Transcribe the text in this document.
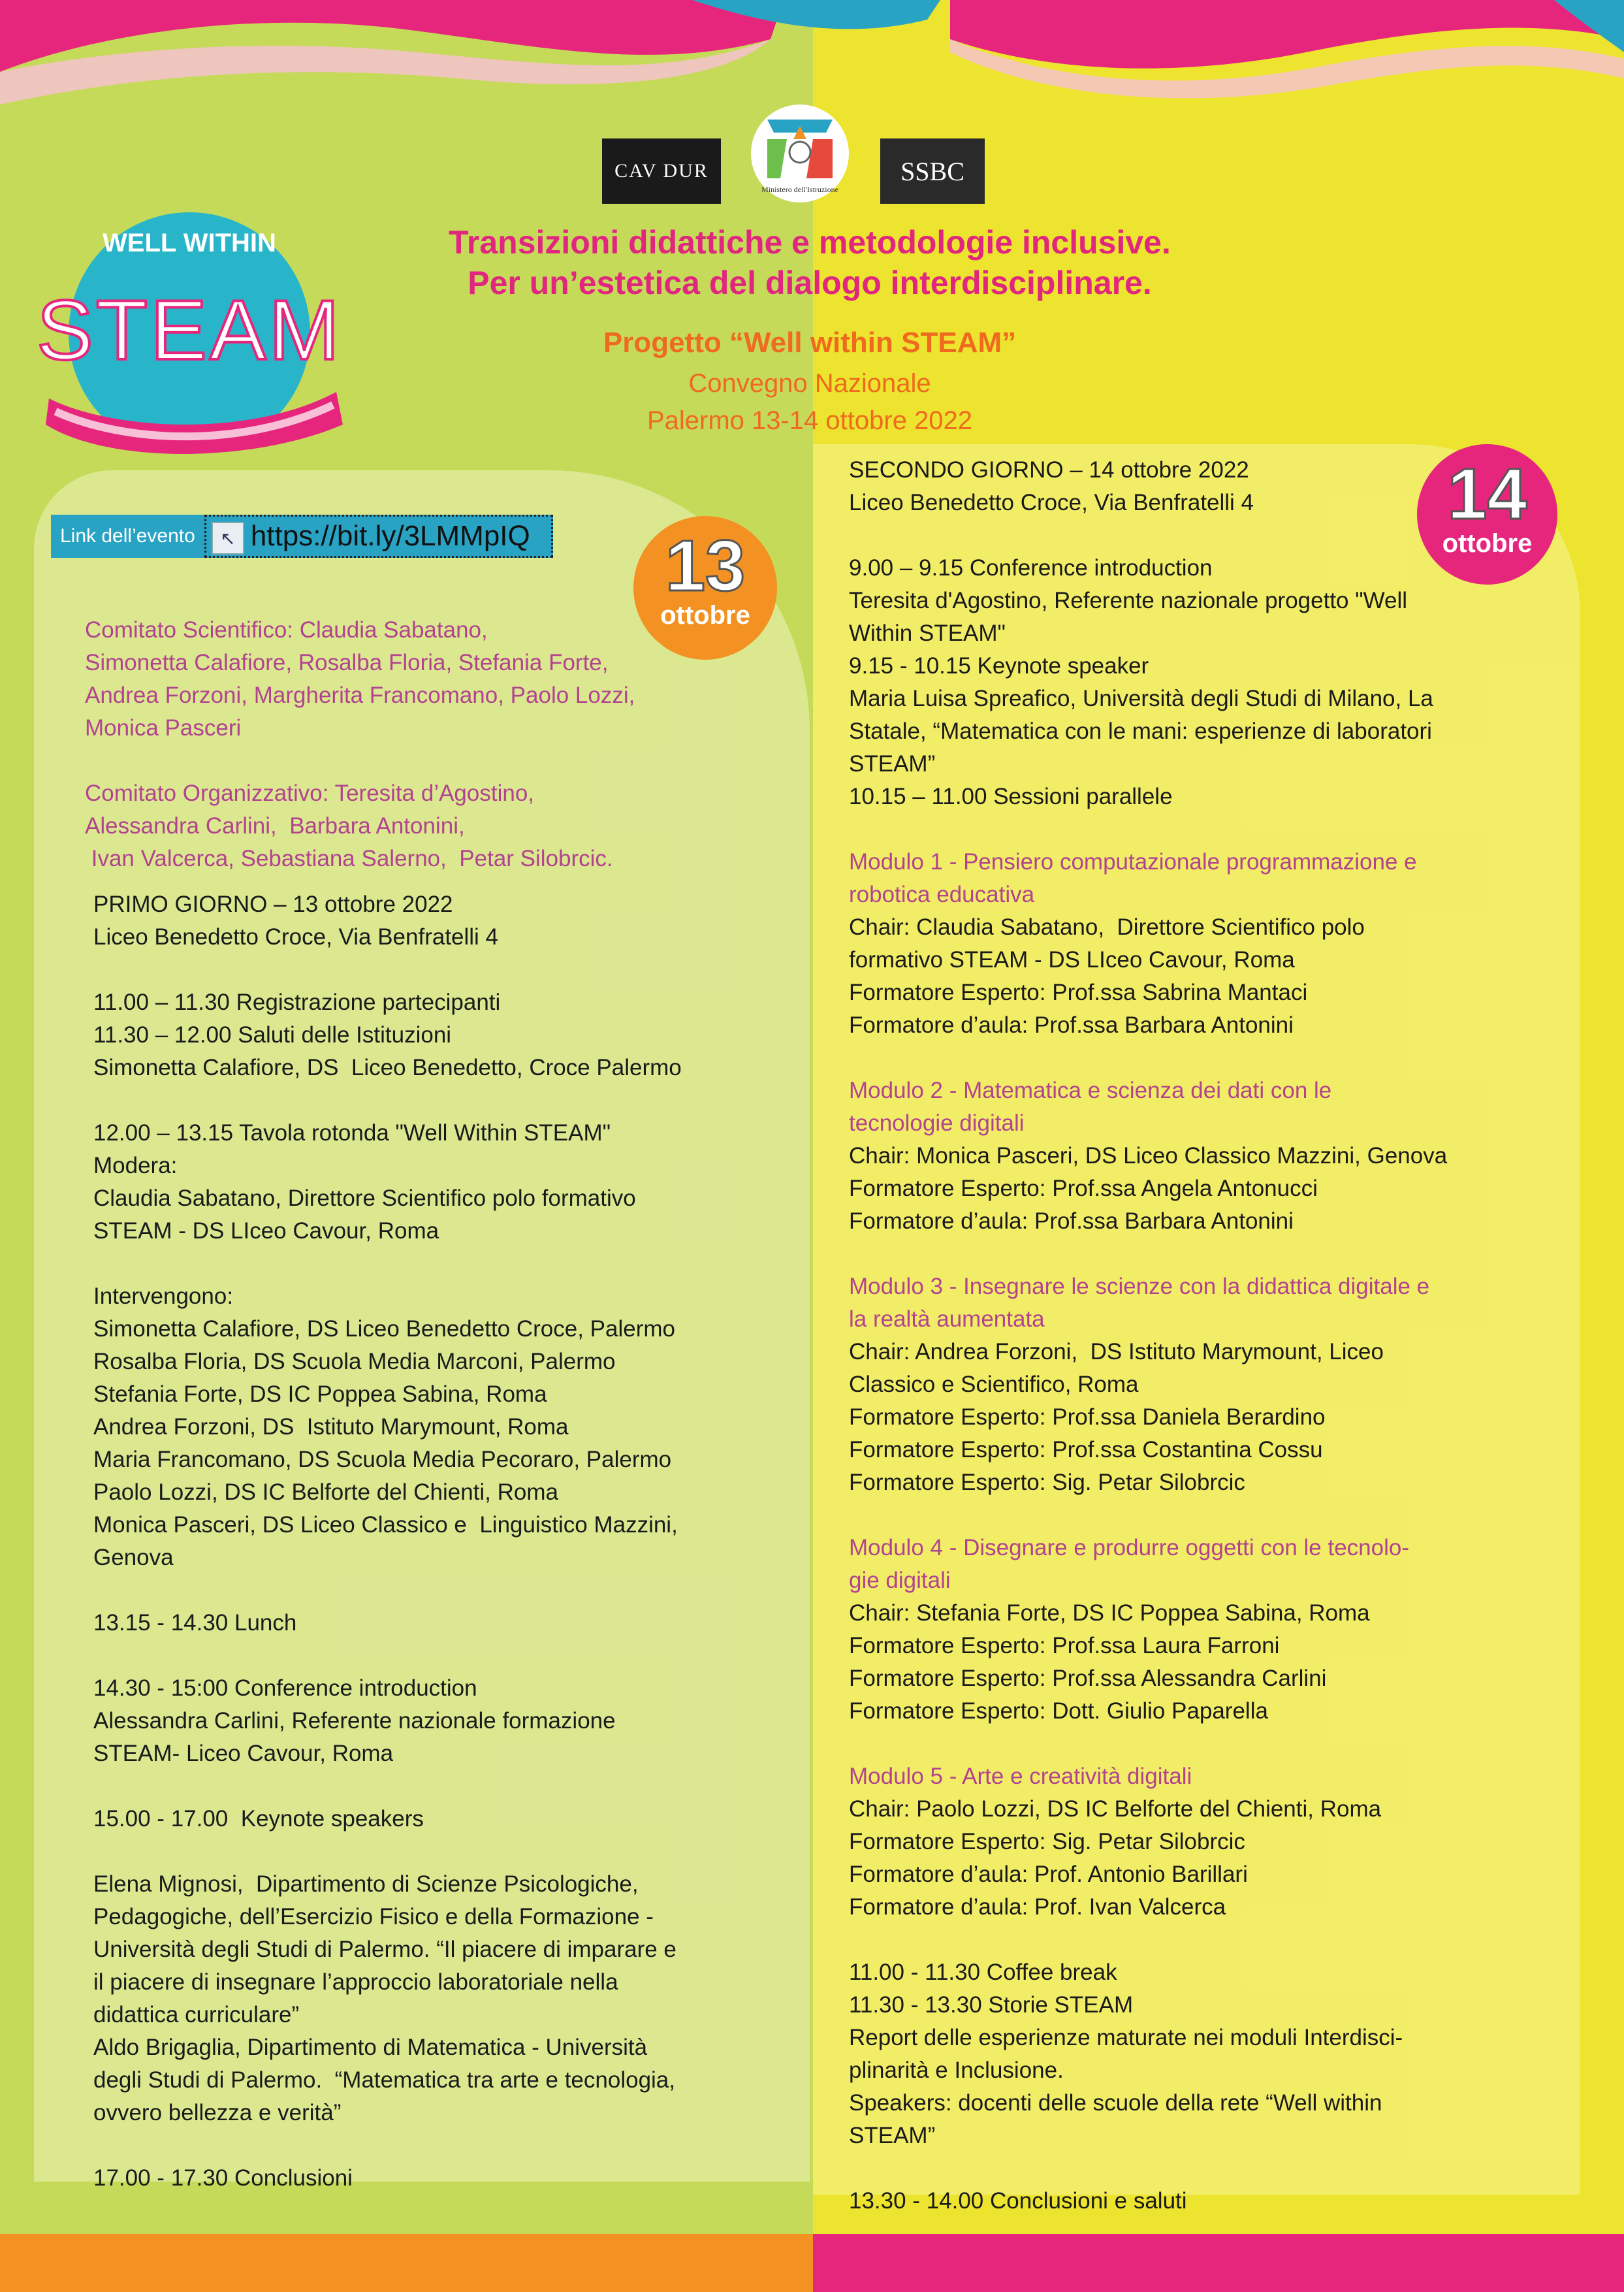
CAV DUR
Ministero dell'Istruzione
SSBC
WELL WITHIN
STEAM
Transizioni didattiche e metodologie inclusive.
Per un’estetica del dialogo interdisciplinare.
Progetto “Well within STEAM”
Convegno Nazionale
Palermo 13-14 ottobre 2022
Link dell’evento	↖ https://bit.ly/3LMMpIQ	13
ottobre
14
ottobre

Comitato Scientifico: Claudia Sabatano,
Simonetta Calafiore, Rosalba Floria, Stefania Forte,
Andrea Forzoni, Margherita Francomano, Paolo Lozzi,
Monica Pasceri

Comitato Organizzativo: Teresita d’Agostino,
Alessandra Carlini,  Barbara Antonini,
Ivan Valcerca, Sebastiana Salerno,  Petar Silobrcic.

PRIMO GIORNO – 13 ottobre 2022
Liceo Benedetto Croce, Via Benfratelli 4

11.00 – 11.30 Registrazione partecipanti
11.30 – 12.00 Saluti delle Istituzioni
Simonetta Calafiore, DS  Liceo Benedetto, Croce Palermo

12.00 – 13.15 Tavola rotonda "Well Within STEAM"
Modera:
Claudia Sabatano, Direttore Scientifico polo formativo
STEAM - DS LIceo Cavour, Roma

Intervengono:
Simonetta Calafiore, DS Liceo Benedetto Croce, Palermo
Rosalba Floria, DS Scuola Media Marconi, Palermo
Stefania Forte, DS IC Poppea Sabina, Roma
Andrea Forzoni, DS  Istituto Marymount, Roma
Maria Francomano, DS Scuola Media Pecoraro, Palermo
Paolo Lozzi, DS IC Belforte del Chienti, Roma
Monica Pasceri, DS Liceo Classico e  Linguistico Mazzini,
Genova

13.15 - 14.30 Lunch

14.30 - 15:00 Conference introduction
Alessandra Carlini, Referente nazionale formazione
STEAM- Liceo Cavour, Roma

15.00 - 17.00  Keynote speakers

Elena Mignosi,  Dipartimento di Scienze Psicologiche,
Pedagogiche, dell’Esercizio Fisico e della Formazione -
Università degli Studi di Palermo. “Il piacere di imparare e
il piacere di insegnare l’approccio laboratoriale nella
didattica curriculare”
Aldo Brigaglia, Dipartimento di Matematica - Università
degli Studi di Palermo.  “Matematica tra arte e tecnologia,
ovvero bellezza e verità”

17.00 - 17.30 Conclusioni

SECONDO GIORNO – 14 ottobre 2022
Liceo Benedetto Croce, Via Benfratelli 4

9.00 – 9.15 Conference introduction
Teresita d'Agostino, Referente nazionale progetto "Well
Within STEAM"
9.15 - 10.15 Keynote speaker
Maria Luisa Spreafico, Università degli Studi di Milano, La
Statale, “Matematica con le mani: esperienze di laboratori
STEAM”
10.15 – 11.00 Sessioni parallele

Modulo 1 - Pensiero computazionale programmazione e
robotica educativa

Chair: Claudia Sabatano,  Direttore Scientifico polo
formativo STEAM - DS LIceo Cavour, Roma
Formatore Esperto: Prof.ssa Sabrina Mantaci
Formatore d’aula: Prof.ssa Barbara Antonini

Modulo 2 - Matematica e scienza dei dati con le
tecnologie digitali

Chair: Monica Pasceri, DS Liceo Classico Mazzini, Genova
Formatore Esperto: Prof.ssa Angela Antonucci
Formatore d’aula: Prof.ssa Barbara Antonini

Modulo 3 - Insegnare le scienze con la didattica digitale e
la realtà aumentata

Chair: Andrea Forzoni,  DS Istituto Marymount, Liceo
Classico e Scientifico, Roma
Formatore Esperto: Prof.ssa Daniela Berardino
Formatore Esperto: Prof.ssa Costantina Cossu
Formatore Esperto: Sig. Petar Silobrcic

Modulo 4 - Disegnare e produrre oggetti con le tecnolo-
gie digitali

Chair: Stefania Forte, DS IC Poppea Sabina, Roma
Formatore Esperto: Prof.ssa Laura Farroni
Formatore Esperto: Prof.ssa Alessandra Carlini
Formatore Esperto: Dott. Giulio Paparella

Modulo 5 - Arte e creatività digitali

Chair: Paolo Lozzi, DS IC Belforte del Chienti, Roma
Formatore Esperto: Sig. Petar Silobrcic
Formatore d’aula: Prof. Antonio Barillari
Formatore d’aula: Prof. Ivan Valcerca

11.00 - 11.30 Coffee break
11.30 - 13.30 Storie STEAM
Report delle esperienze maturate nei moduli Interdisci-
plinarità e Inclusione.
Speakers: docenti delle scuole della rete “Well within
STEAM”

13.30 - 14.00 Conclusioni e saluti
